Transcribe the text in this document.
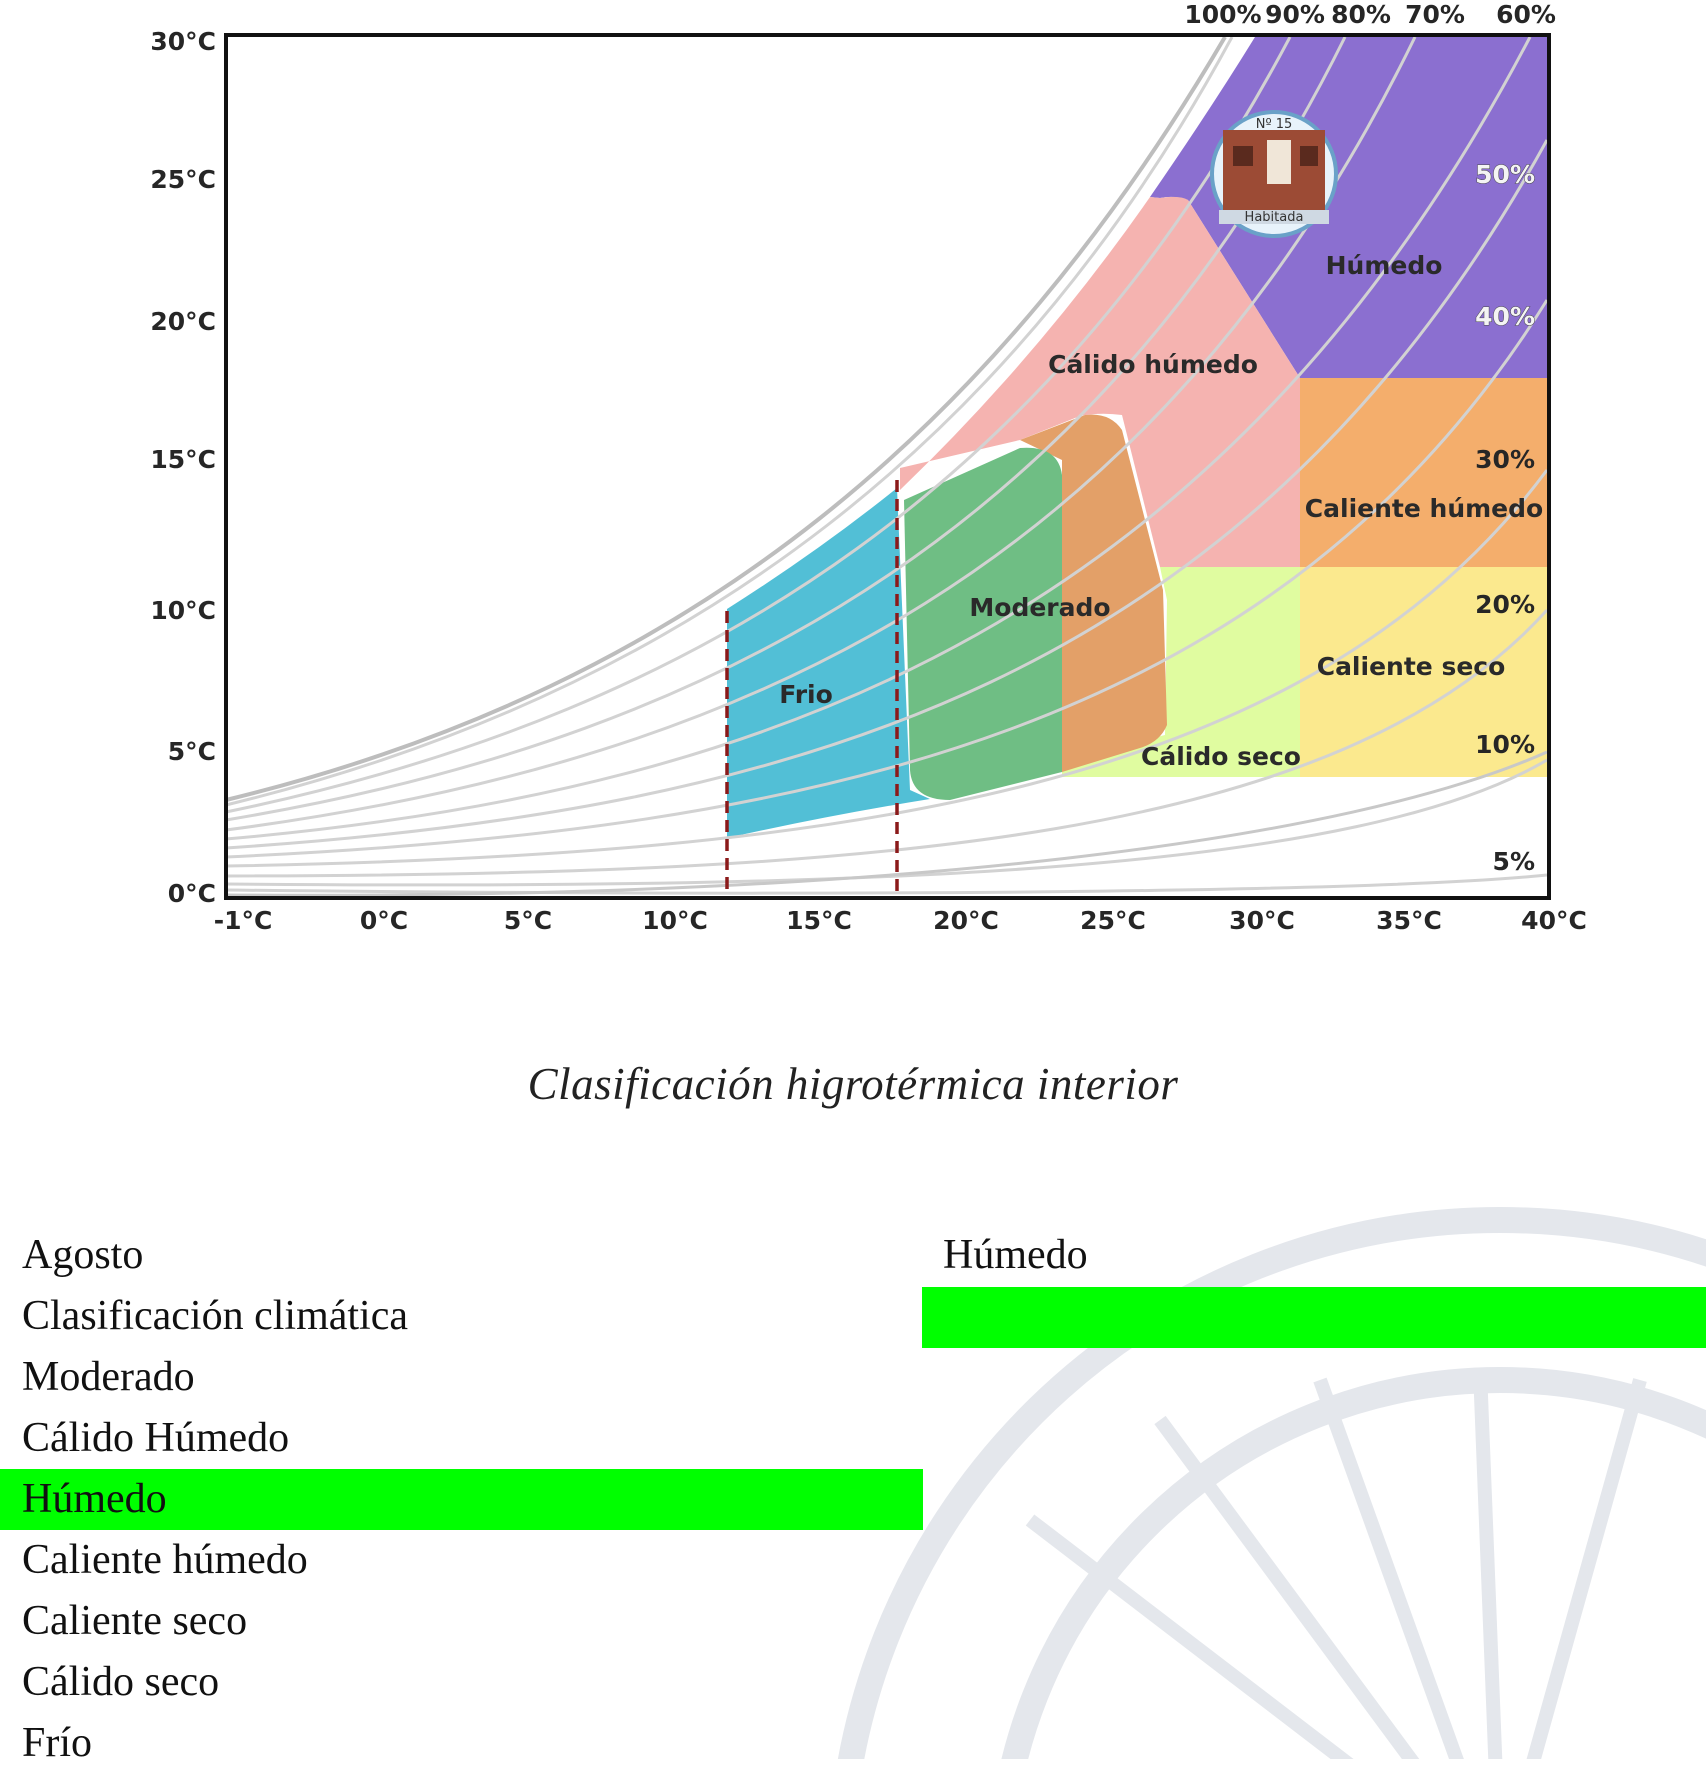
Nº 15
Habitada
30°C
25°C
20°C
15°C
10°C
5°C
0°C
-1°C	0°C	5°C	10°C	15°C	20°C	25°C	30°C	35°C	40°C
100% 90% 80% 70% 60%
50%
40%
30%
20%
10%
5%
Frio
Moderado
Cálido húmedo
Húmedo
Caliente húmedo
Caliente seco
Cálido seco
Clasificación higrotérmica interior
Agosto
Clasificación climática
Moderado
Cálido Húmedo
Húmedo
Caliente húmedo
Caliente seco
Cálido seco
Frío
Húmedo
